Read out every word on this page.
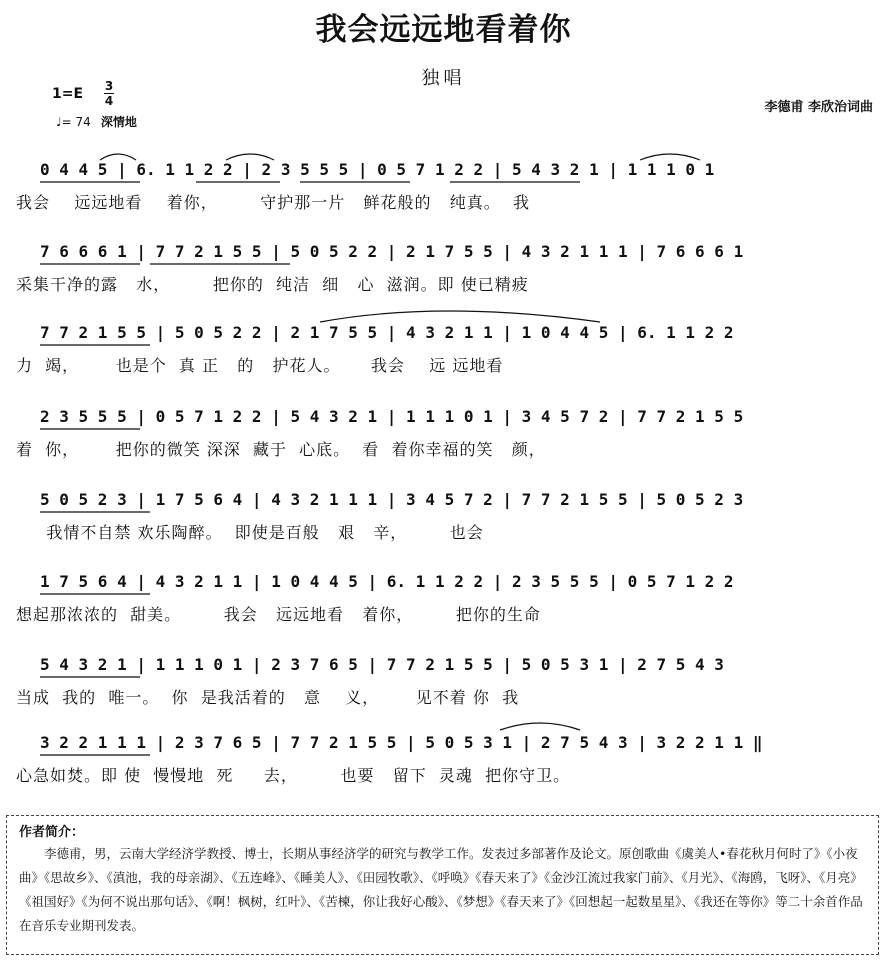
我会远远地看着你
独唱
1=E 3
4
♩= 74 深情地
李德甫 李欣治词曲
0 4 4 5 | 6. 1 1 2 2 | 2 3 5 5 5 | 0 5 7 1 2 2 | 5 4 3 2 1 | 1 1 1 0 1
我会    远远地看    着你，       守护那一片   鲜花般的   纯真。  我
7 6 6 6 1 | 7 7 2 1 5 5 | 5 0 5 2 2 | 2 1 7 5 5 | 4 3 2 1 1 1 | 7 6 6 6 1
采集干净的露   水，       把你的  纯洁  细   心  滋润。即 使已精疲
7 7 2 1 5 5 | 5 0 5 2 2 | 2 1 7 5 5 | 4 3 2 1 1 | 1 0 4 4 5 | 6. 1 1 2 2
力  竭，      也是个  真 正   的   护花人。     我会    远 远地看
2 3 5 5 5 | 0 5 7 1 2 2 | 5 4 3 2 1 | 1 1 1 0 1 | 3 4 5 7 2 | 7 7 2 1 5 5
着  你，      把你的微笑 深深  藏于  心底。  看  着你幸福的笑   颜，
5 0 5 2 3 | 1 7 5 6 4 | 4 3 2 1 1 1 | 3 4 5 7 2 | 7 7 2 1 5 5 | 5 0 5 2 3
我情不自禁 欢乐陶醉。  即使是百般   艰   辛，       也会
1 7 5 6 4 | 4 3 2 1 1 | 1 0 4 4 5 | 6. 1 1 2 2 | 2 3 5 5 5 | 0 5 7 1 2 2
想起那浓浓的  甜美。       我会   远远地看   着你，       把你的生命
5 4 3 2 1 | 1 1 1 0 1 | 2 3 7 6 5 | 7 7 2 1 5 5 | 5 0 5 3 1 | 2 7 5 4 3
当成  我的  唯一。  你  是我活着的   意    义，      见不着 你  我
3 2 2 1 1 1 | 2 3 7 6 5 | 7 7 2 1 5 5 | 5 0 5 3 1 | 2 7 5 4 3 | 3 2 2 1 1 ‖
心急如焚。即 使  慢慢地  死     去，       也要   留下  灵魂  把你守卫。
作者简介：
李德甫，男，云南大学经济学教授、博士，长期从事经济学的研究与教学工作。发表过多部著作及论文。原创歌曲《虞美人•春花秋月何时了》《小夜曲》《思故乡》、《滇池，我的母亲湖》、《五连峰》、《睡美人》、《田园牧歌》、《呼唤》《春天来了》《金沙江流过我家门前》、《月光》、《海鸥，飞呀》、《月亮》《祖国好》《为何不说出那句话》、《啊！枫树，红叶》、《苦楝，你让我好心酸》、《梦想》《春天来了》《回想起一起数星星》、《我还在等你》等二十余首作品在音乐专业期刊发表。
